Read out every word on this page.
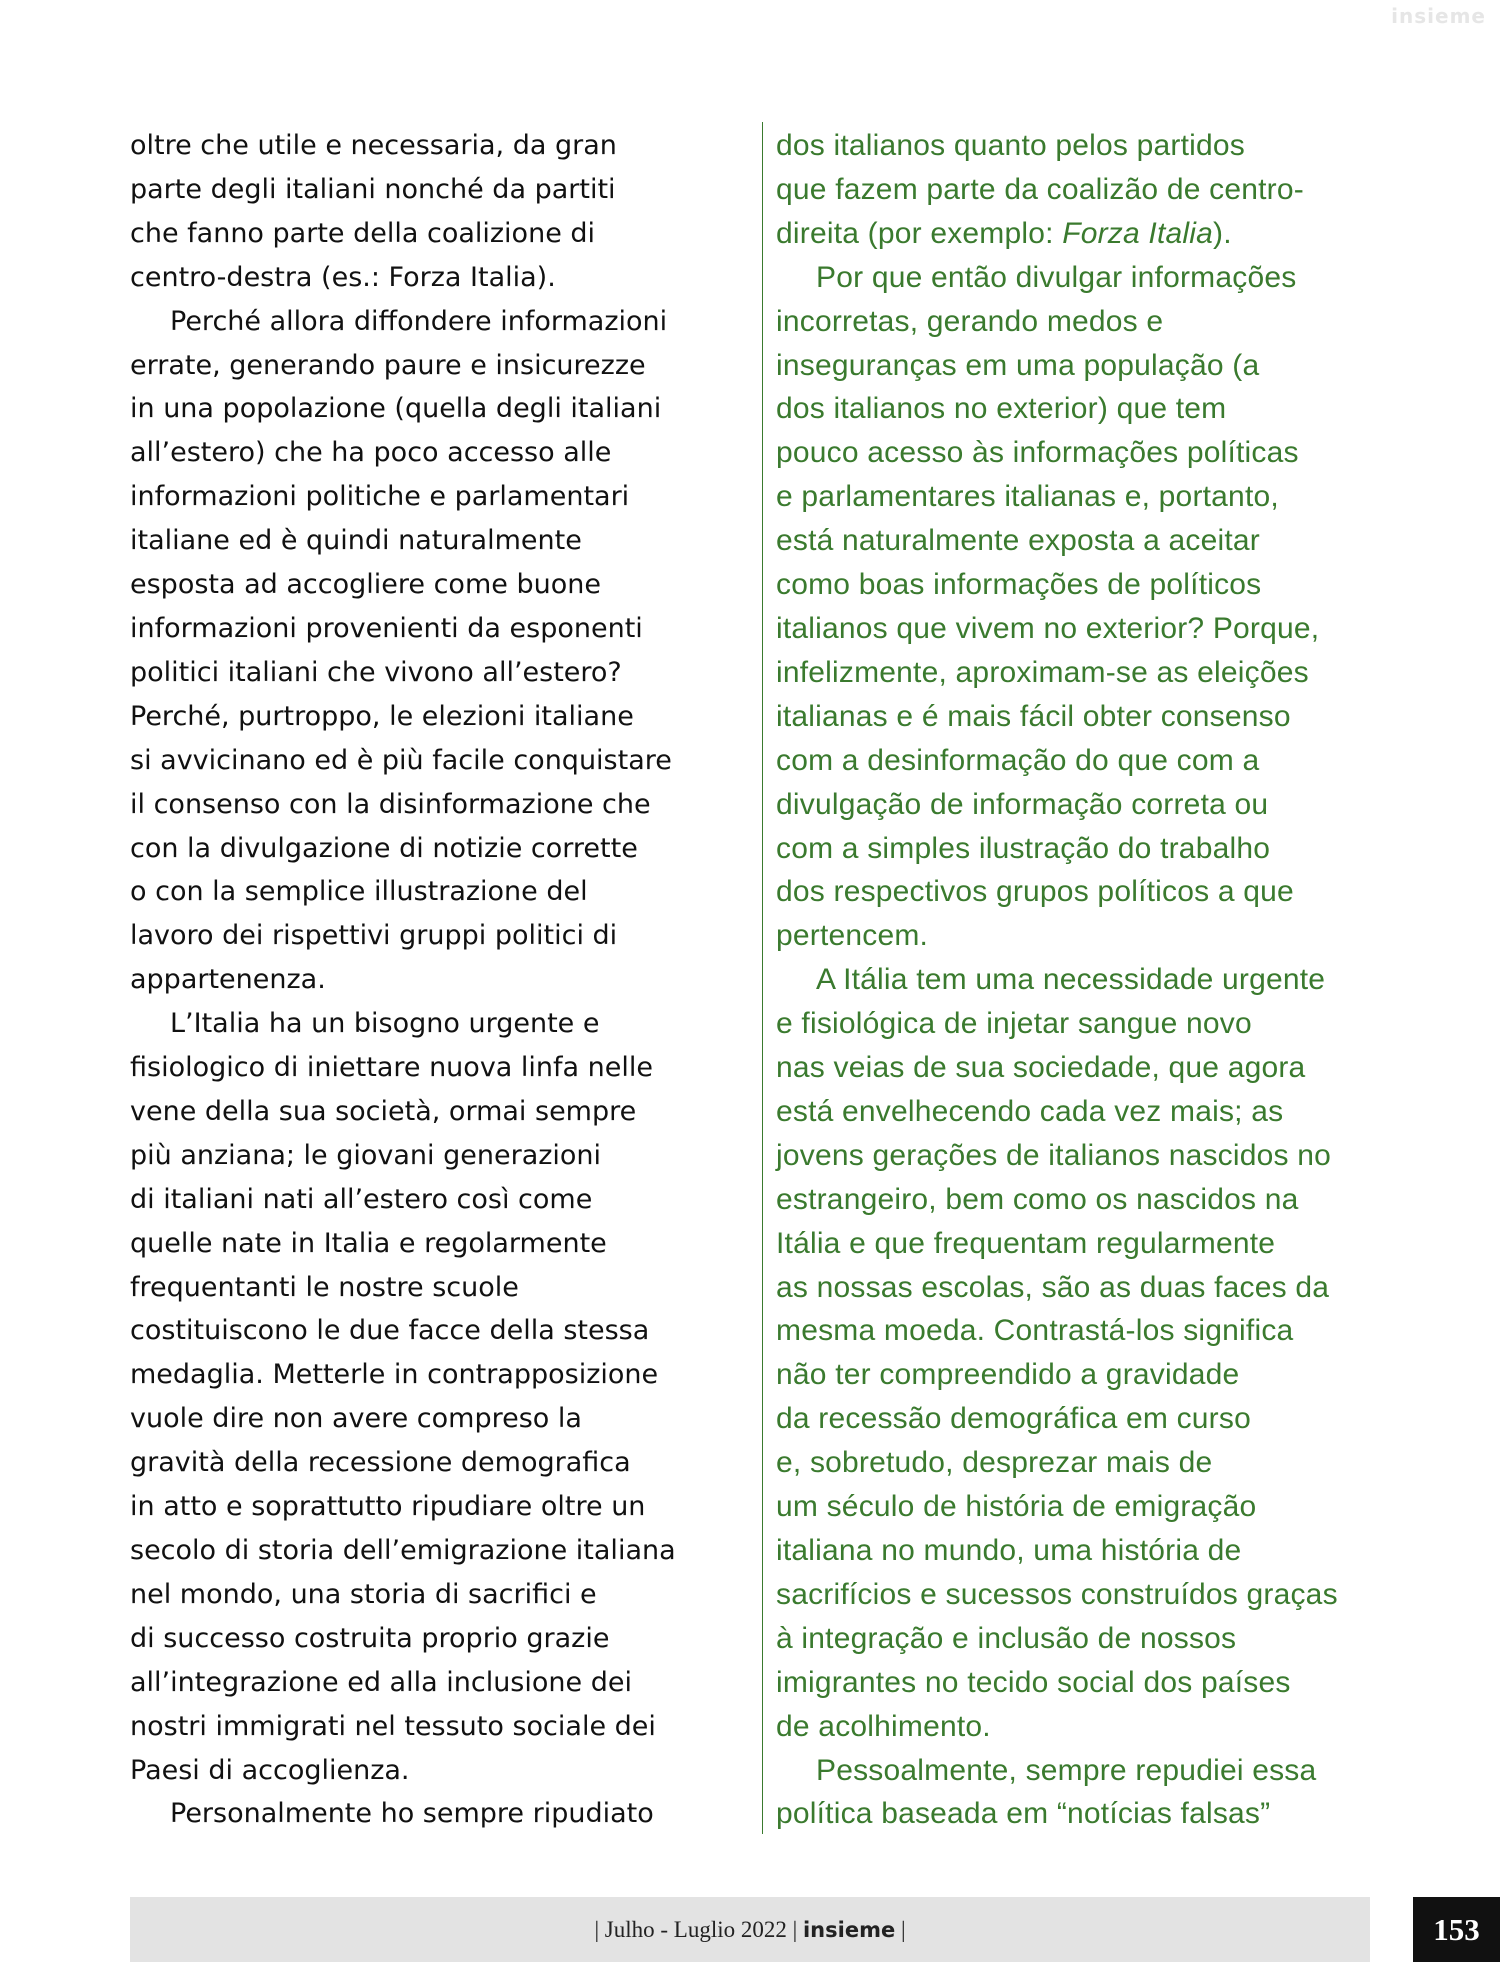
insieme

oltre che utile e necessaria, da gran
parte degli italiani nonché da partiti
che fanno parte della coalizione di
centro-destra (es.: Forza Italia).

Perché allora diffondere informazioni
errate, generando paure e insicurezze
in una popolazione (quella degli italiani
all’estero) che ha poco accesso alle
informazioni politiche e parlamentari
italiane ed è quindi naturalmente
esposta ad accogliere come buone
informazioni provenienti da esponenti
politici italiani che vivono all’estero?
Perché, purtroppo, le elezioni italiane
si avvicinano ed è più facile conquistare
il consenso con la disinformazione che
con la divulgazione di notizie corrette
o con la semplice illustrazione del
lavoro dei rispettivi gruppi politici di
appartenenza.

L’Italia ha un bisogno urgente e
fisiologico di iniettare nuova linfa nelle
vene della sua società, ormai sempre
più anziana; le giovani generazioni
di italiani nati all’estero così come
quelle nate in Italia e regolarmente
frequentanti le nostre scuole
costituiscono le due facce della stessa
medaglia. Metterle in contrapposizione
vuole dire non avere compreso la
gravità della recessione demografica
in atto e soprattutto ripudiare oltre un
secolo di storia dell’emigrazione italiana
nel mondo, una storia di sacrifici e
di successo costruita proprio grazie
all’integrazione ed alla inclusione dei
nostri immigrati nel tessuto sociale dei
Paesi di accoglienza.

Personalmente ho sempre ripudiato

dos italianos quanto pelos partidos
que fazem parte da coalizão de centro-
direita (por exemplo: Forza Italia).

Por que então divulgar informações
incorretas, gerando medos e
inseguranças em uma população (a
dos italianos no exterior) que tem
pouco acesso às informações políticas
e parlamentares italianas e, portanto,
está naturalmente exposta a aceitar
como boas informações de políticos
italianos que vivem no exterior? Porque,
infelizmente, aproximam-se as eleições
italianas e é mais fácil obter consenso
com a desinformação do que com a
divulgação de informação correta ou
com a simples ilustração do trabalho
dos respectivos grupos políticos a que
pertencem.

A Itália tem uma necessidade urgente
e fisiológica de injetar sangue novo
nas veias de sua sociedade, que agora
está envelhecendo cada vez mais; as
jovens gerações de italianos nascidos no
estrangeiro, bem como os nascidos na
Itália e que frequentam regularmente
as nossas escolas, são as duas faces da
mesma moeda. Contrastá-los significa
não ter compreendido a gravidade
da recessão demográfica em curso
e, sobretudo, desprezar mais de
um século de história de emigração
italiana no mundo, uma história de
sacrifícios e sucessos construídos graças
à integração e inclusão de nossos
imigrantes no tecido social dos países
de acolhimento.

Pessoalmente, sempre repudiei essa
política baseada em “notícias falsas”

| Julho - Luglio 2022 | insieme |	153
